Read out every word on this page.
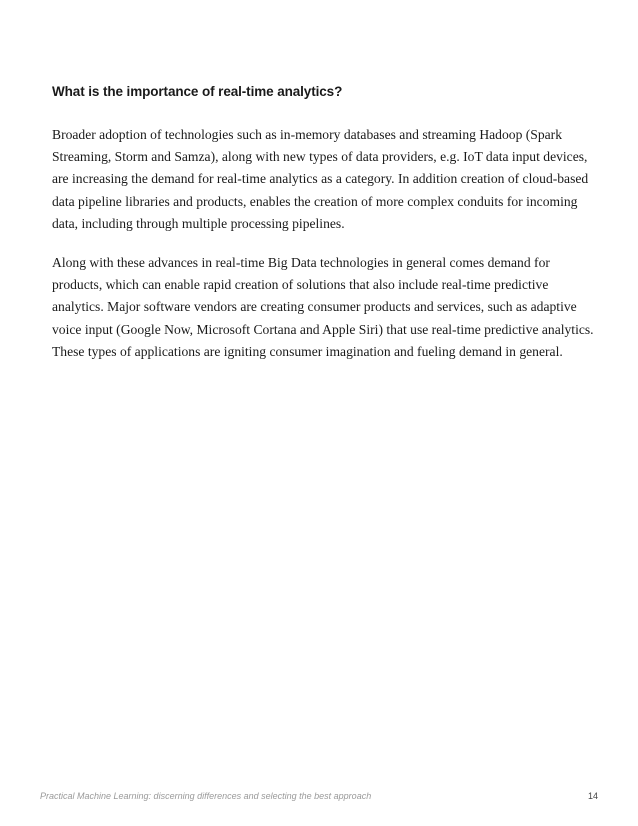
What is the importance of real-time analytics?

Broader adoption of technologies such as in-memory databases and streaming Hadoop (Spark Streaming, Storm and Samza), along with new types of data providers, e.g. IoT data input devices, are increasing the demand for real-time analytics as a category. In addition creation of cloud-based data pipeline libraries and products, enables the creation of more complex conduits for incoming data, including through multiple processing pipelines.

Along with these advances in real-time Big Data technologies in general comes demand for products, which can enable rapid creation of solutions that also include real-time predictive analytics. Major software vendors are creating consumer products and services, such as adaptive voice input (Google Now, Microsoft Cortana and Apple Siri) that use real-time predictive analytics. These types of applications are igniting consumer imagination and fueling demand in general.

Practical Machine Learning: discerning differences and selecting the best approach	14
